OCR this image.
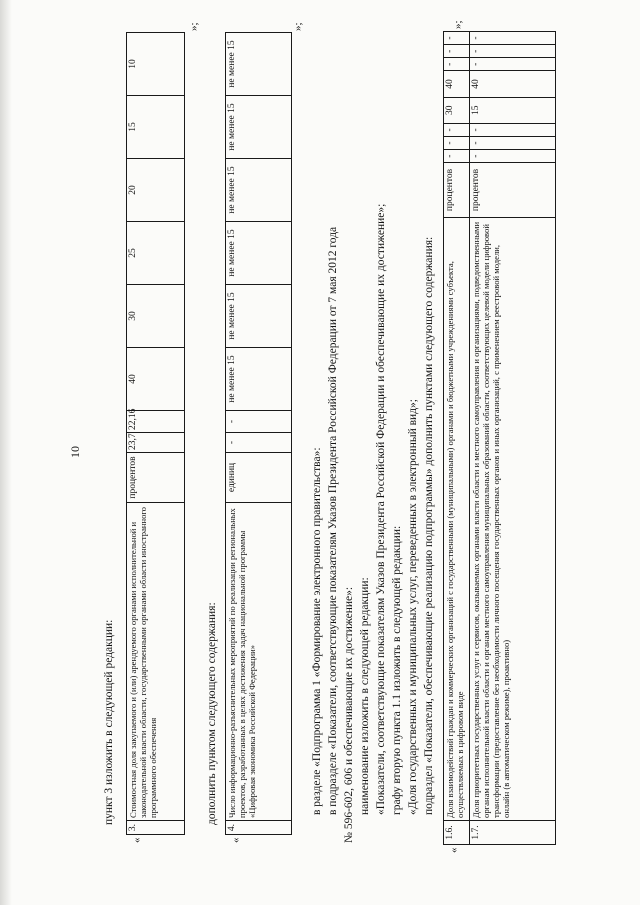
10
пункт 3 изложить в следующей редакции:
«
3.	Стоимостная доля закупаемого и (или) арендуемого органами исполнительной и законодательной власти области, государственными органами области иностранного программного обеспечения	процентов	23,7	22,16	40	30	25	20	15	10
»;
дополнить пунктом следующего содержания:
«
4.	Число информационно-разъяснительных мероприятий по реализации региональных проектов, разработанных в целях достижения задач национальной программы «Цифровая экономика Российской Федерации»	единиц	-	-	не менее 15	не менее 15	не менее 15	не менее 15	не менее 15	не менее 15
»;
в разделе «Подпрограмма 1 «Формирование электронного правительства»: в подразделе «Показатели, соответствующие показателям Указов Президента Российской Федерации от 7 мая 2012 года № 596-602, 606 и обеспечивающие их достижение»: наименование изложить в следующей редакции: «Показатели, соответствующие показателям Указов Президента Российской Федерации и обеспечивающие их достижение»; графу вторую пункта 1.1 изложить в следующей редакции: «Доля государственных и муниципальных услуг, переведенных в электронный вид»; подраздел «Показатели, обеспечивающие реализацию подпрограммы» дополнить пунктами следующего содержания:
«
1.6.	Доля взаимодействий граждан и коммерческих организаций с государственными (муниципальными) органами и бюджетными учреждениями субъекта, осуществляемых в цифровом виде	процентов	-	-	-	30	40	-	-	-
1.7.	Доля приоритетных государственных услуг и сервисов, оказываемых органами власти области и местного самоуправления и организациями, подведомственными органам исполнительной власти области и органам местного самоуправления муниципальных образований области, соответствующих целевой модели цифровой трансформации (предоставление без необходимости личного посещения государственных органов и иных организаций, с применением реестровой модели, онлайн (в автоматическом режиме), проактивно)	процентов	-	-	-	15	40	-	-	-
»;
